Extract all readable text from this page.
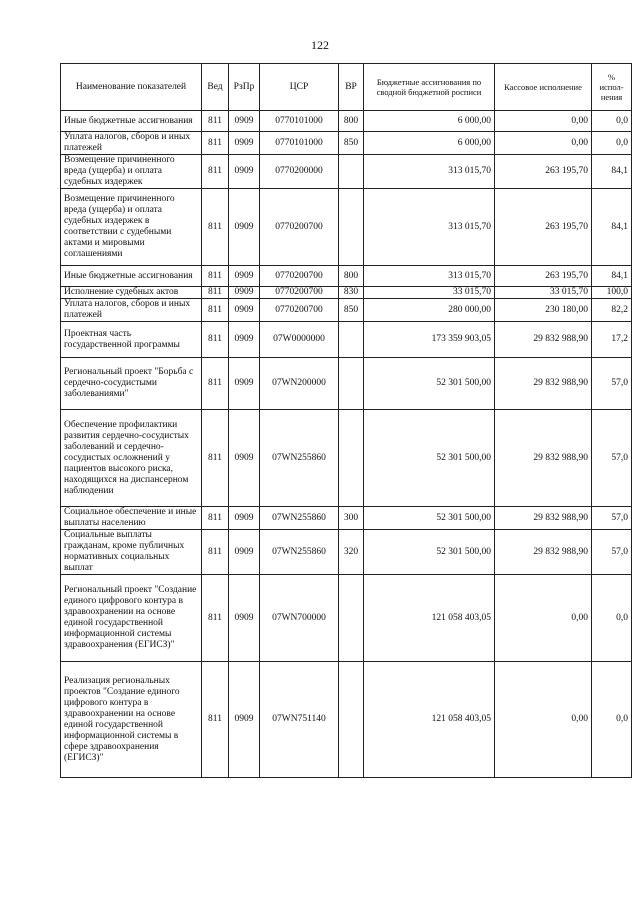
122
Наименование показателей	Вед	РзПр	ЦСР	ВР	Бюджетные ассигнования по сводной бюджетной росписи	Кассовое исполнение	% испол-нения
Иные бюджетные ассигнования	811	0909	0770101000	800	6 000,00	0,00	0,0
Уплата налогов, сборов и иных платежей	811	0909	0770101000	850	6 000,00	0,00	0,0
Возмещение причиненного вреда (ущерба) и оплата судебных издержек	811	0909	0770200000		313 015,70	263 195,70	84,1
Возмещение причиненного вреда (ущерба) и оплата судебных издержек в соответствии с судебными актами и мировыми соглашениями	811	0909	0770200700		313 015,70	263 195,70	84,1
Иные бюджетные ассигнования	811	0909	0770200700	800	313 015,70	263 195,70	84,1
Исполнение судебных актов	811	0909	0770200700	830	33 015,70	33 015,70	100,0
Уплата налогов, сборов и иных платежей	811	0909	0770200700	850	280 000,00	230 180,00	82,2
Проектная часть государственной программы	811	0909	07W0000000		173 359 903,05	29 832 988,90	17,2
Региональный проект "Борьба с сердечно-сосудистыми заболеваниями"	811	0909	07WN200000		52 301 500,00	29 832 988,90	57,0
Обеспечение профилактики развития сердечно-сосудистых заболеваний и сердечно-сосудистых осложнений у пациентов высокого риска, находящихся на диспансерном наблюдении	811	0909	07WN255860		52 301 500,00	29 832 988,90	57,0
Социальное обеспечение и иные выплаты населению	811	0909	07WN255860	300	52 301 500,00	29 832 988,90	57,0
Социальные выплаты гражданам, кроме публичных нормативных социальных выплат	811	0909	07WN255860	320	52 301 500,00	29 832 988,90	57,0
Региональный проект "Создание единого цифрового контура в здравоохранении на основе единой государственной информационной системы здравоохранения (ЕГИСЗ)"	811	0909	07WN700000		121 058 403,05	0,00	0,0
Реализация региональных проектов "Создание единого цифрового контура в здравоохранении на основе единой государственной информационной системы в сфере здравоохранения (ЕГИСЗ)"	811	0909	07WN751140		121 058 403,05	0,00	0,0
